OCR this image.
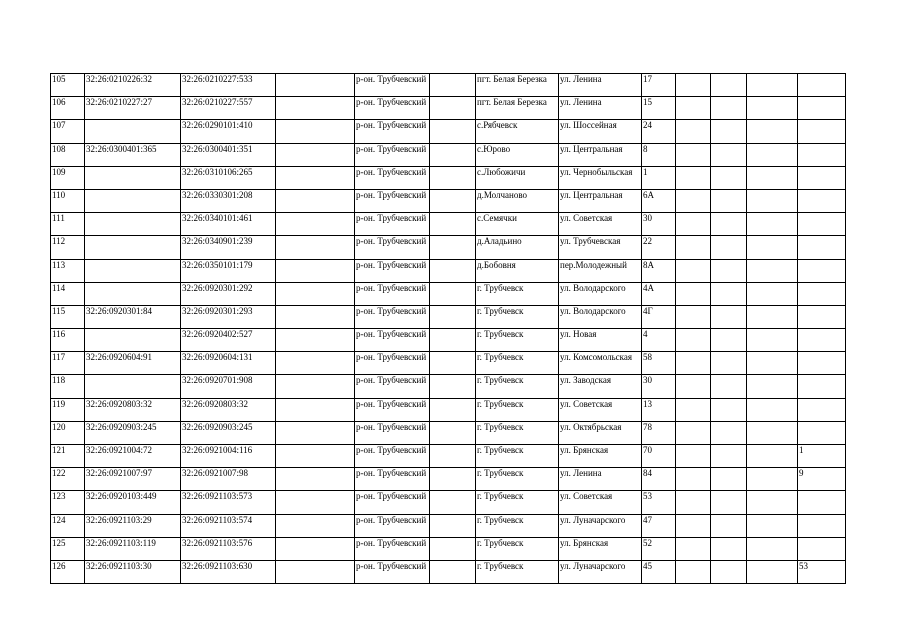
105	32:26:0210226:32	32:26:0210227:533		р-он. Трубчевский		пгт. Белая Березка	ул. Ленина	17				
106	32:26:0210227:27	32:26:0210227:557		р-он. Трубчевский		пгт. Белая Березка	ул. Ленина	15				
107		32:26:0290101:410		р-он. Трубчевский		с.Рябчевск	ул. Шоссейная	24				
108	32:26:0300401:365	32:26:0300401:351		р-он. Трубчевский		с.Юрово	ул. Центральная	8				
109		32:26:0310106:265		р-он. Трубчевский		с.Любожичи	ул. Чернобыльская	1				
110		32:26:0330301:208		р-он. Трубчевский		д.Молчаново	ул. Центральная	6А				
111		32:26:0340101:461		р-он. Трубчевский		с.Семячки	ул. Советская	30				
112		32:26:0340901:239		р-он. Трубчевский		д.Аладьино	ул. Трубчевская	22				
113		32:26:0350101:179		р-он. Трубчевский		д.Бобовня	пер.Молодежный	8А				
114		32:26:0920301:292		р-он. Трубчевский		г. Трубчевск	ул. Володарского	4А				
115	32:26:0920301:84	32:26:0920301:293		р-он. Трубчевский		г. Трубчевск	ул. Володарского	4Г				
116		32:26:0920402:527		р-он. Трубчевский		г. Трубчевск	ул. Новая	4				
117	32:26:0920604:91	32:26:0920604:131		р-он. Трубчевский		г. Трубчевск	ул. Комсомольская	58				
118		32:26:0920701:908		р-он. Трубчевский		г. Трубчевск	ул. Заводская	30				
119	32:26:0920803:32	32:26:0920803:32		р-он. Трубчевский		г. Трубчевск	ул. Советская	13				
120	32:26:0920903:245	32:26:0920903:245		р-он. Трубчевский		г. Трубчевск	ул. Октябрьская	78				
121	32:26:0921004:72	32:26:0921004:116		р-он. Трубчевский		г. Трубчевск	ул. Брянская	70				1
122	32:26:0921007:97	32:26:0921007:98		р-он. Трубчевский		г. Трубчевск	ул. Ленина	84				9
123	32:26:0920103:449	32:26:0921103:573		р-он. Трубчевский		г. Трубчевск	ул. Советская	53				
124	32:26:0921103:29	32:26:0921103:574		р-он. Трубчевский		г. Трубчевск	ул. Луначарского	47				
125	32:26:0921103:119	32:26:0921103:576		р-он. Трубчевский		г. Трубчевск	ул. Брянская	52				
126	32:26:0921103:30	32:26:0921103:630		р-он. Трубчевский		г. Трубчевск	ул. Луначарского	45				53
